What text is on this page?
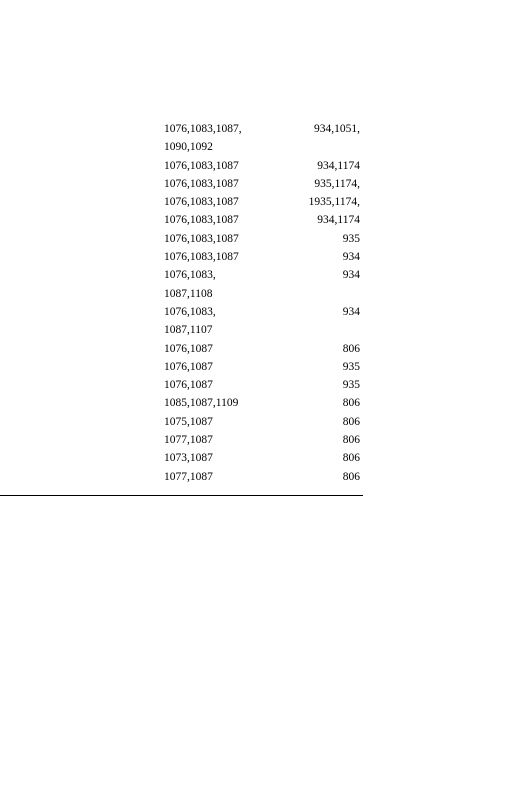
1076,1083,1087,	934,1051,
1090,1092
1076,1083,1087	934,1174
1076,1083,1087	935,1174,
1076,1083,1087	1935,1174,
1076,1083,1087	934,1174
1076,1083,1087	935
1076,1083,1087	934
1076,1083,	934
1087,1108
1076,1083,	934
1087,1107
1076,1087	806
1076,1087	935
1076,1087	935
1085,1087,1109	806
1075,1087	806
1077,1087	806
1073,1087	806
1077,1087	806
